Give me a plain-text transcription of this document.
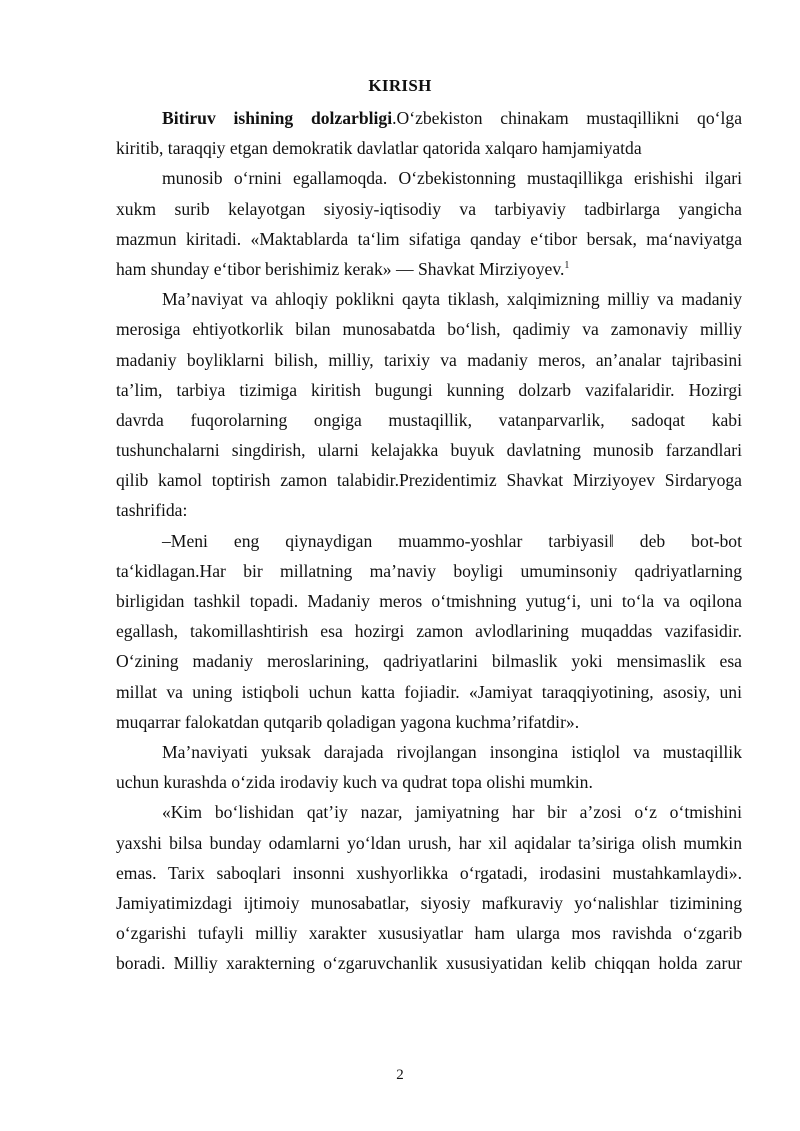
KIRISH
Bitiruv ishining dolzarbligi.O‘zbekiston chinakam mustaqillikni qo‘lga
kiritib, taraqqiy etgan demokratik davlatlar qatorida xalqaro hamjamiyatda
munosib o‘rnini egallamoqda. O‘zbekistonning mustaqillikga erishishi ilgari
xukm surib kelayotgan siyosiy-iqtisodiy va tarbiyaviy tadbirlarga yangicha
mazmun kiritadi. «Maktablarda ta‘lim sifatiga qanday e‘tibor bersak, ma‘naviyatga
ham shunday e‘tibor berishimiz kerak» — Shavkat Mirziyoyev.$^1$
Ma’naviyat va ahloqiy poklikni qayta tiklash, xalqimizning milliy va madaniy
merosiga ehtiyotkorlik bilan munosabatda bo‘lish, qadimiy va zamonaviy milliy
madaniy boyliklarni bilish, milliy, tarixiy va madaniy meros, an’analar tajribasini
ta’lim, tarbiya tizimiga kiritish bugungi kunning dolzarb vazifalaridir. Hozirgi
davrda fuqorolarning ongiga mustaqillik, vatanparvarlik, sadoqat kabi
tushunchalarni singdirish, ularni kelajakka buyuk davlatning munosib farzandlari
qilib kamol toptirish zamon talabidir.Prezidentimiz Shavkat Mirziyoyev Sirdaryoga
tashrifida:
–Meni eng qiynaydigan muammo-yoshlar tarbiyasiǁ deb bot-bot
ta‘kidlagan.Har bir millatning ma’naviy boyligi umuminsoniy qadriyatlarning
birligidan tashkil topadi. Madaniy meros o‘tmishning yutug‘i, uni to‘la va oqilona
egallash, takomillashtirish esa hozirgi zamon avlodlarining muqaddas vazifasidir.
O‘zining madaniy meroslarining, qadriyatlarini bilmaslik yoki mensimaslik esa
millat va uning istiqboli uchun katta fojiadir. «Jamiyat taraqqiyotining, asosiy, uni
muqarrar falokatdan qutqarib qoladigan yagona kuchma’rifatdir».
Ma’naviyati yuksak darajada rivojlangan insongina istiqlol va mustaqillik
uchun kurashda o‘zida irodaviy kuch va qudrat topa olishi mumkin.
«Kim bo‘lishidan qat’iy nazar, jamiyatning har bir a’zosi o‘z o‘tmishini
yaxshi bilsa bunday odamlarni yo‘ldan urush, har xil aqidalar ta’siriga olish mumkin
emas. Tarix saboqlari insonni xushyorlikka o‘rgatadi, irodasini mustahkamlaydi».
Jamiyatimizdagi ijtimoiy munosabatlar, siyosiy mafkuraviy yo‘nalishlar tizimining
o‘zgarishi tufayli milliy xarakter xususiyatlar ham ularga mos ravishda o‘zgarib
boradi. Milliy xarakterning o‘zgaruvchanlik xususiyatidan kelib chiqqan holda zarur
2
